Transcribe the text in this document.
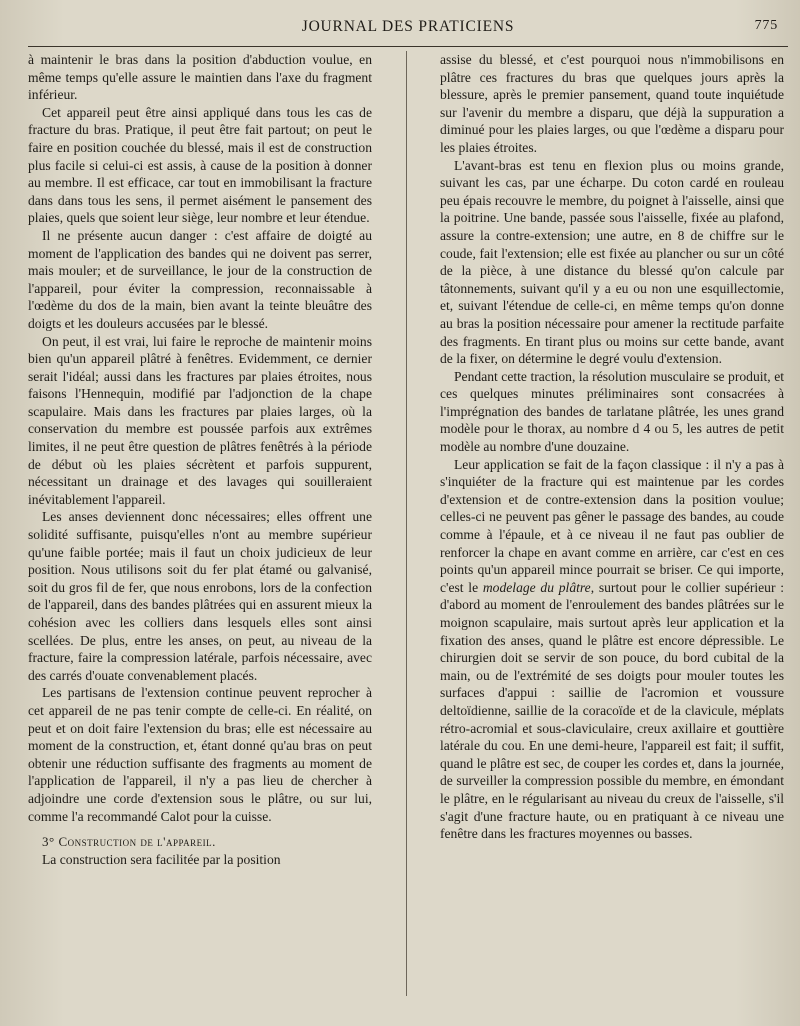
JOURNAL DES PRATICIENS	775

à maintenir le bras dans la position d'abduction voulue, en même temps qu'elle assure le maintien dans l'axe du fragment inférieur.

Cet appareil peut être ainsi appliqué dans tous les cas de fracture du bras. Pratique, il peut être fait partout; on peut le faire en position couchée du blessé, mais il est de construction plus facile si celui-ci est assis, à cause de la position à donner au membre. Il est efficace, car tout en immobilisant la fracture dans dans tous les sens, il permet aisément le pansement des plaies, quels que soient leur siège, leur nombre et leur étendue.

Il ne présente aucun danger : c'est affaire de doigté au moment de l'application des bandes qui ne doivent pas serrer, mais mouler; et de surveillance, le jour de la construction de l'appareil, pour éviter la compression, reconnaissable à l'œdème du dos de la main, bien avant la teinte bleuâtre des doigts et les douleurs accusées par le blessé.

On peut, il est vrai, lui faire le reproche de maintenir moins bien qu'un appareil plâtré à fenêtres. Evidemment, ce dernier serait l'idéal; aussi dans les fractures par plaies étroites, nous faisons l'Hennequin, modifié par l'adjonction de la chape scapulaire. Mais dans les fractures par plaies larges, où la conservation du membre est poussée parfois aux extrêmes limites, il ne peut être question de plâtres fenêtrés à la période de début où les plaies sécrètent et parfois suppurent, nécessitant un drainage et des lavages qui souilleraient inévitablement l'appareil.

Les anses deviennent donc nécessaires; elles offrent une solidité suffisante, puisqu'elles n'ont au membre supérieur qu'une faible portée; mais il faut un choix judicieux de leur position. Nous utilisons soit du fer plat étamé ou galvanisé, soit du gros fil de fer, que nous enrobons, lors de la confection de l'appareil, dans des bandes plâtrées qui en assurent mieux la cohésion avec les colliers dans lesquels elles sont ainsi scellées. De plus, entre les anses, on peut, au niveau de la fracture, faire la compression latérale, parfois nécessaire, avec des carrés d'ouate convenablement placés.

Les partisans de l'extension continue peuvent reprocher à cet appareil de ne pas tenir compte de celle-ci. En réalité, on peut et on doit faire l'extension du bras; elle est nécessaire au moment de la construction, et, étant donné qu'au bras on peut obtenir une réduction suffisante des fragments au moment de l'application de l'appareil, il n'y a pas lieu de chercher à adjoindre une corde d'extension sous le plâtre, ou sur lui, comme l'a recommandé Calot pour la cuisse.

3° Construction de l'appareil.

La construction sera facilitée par la position

assise du blessé, et c'est pourquoi nous n'immobilisons en plâtre ces fractures du bras que quelques jours après la blessure, après le premier pansement, quand toute inquiétude sur l'avenir du membre a disparu, que déjà la suppuration a diminué pour les plaies larges, ou que l'œdème a disparu pour les plaies étroites.

L'avant-bras est tenu en flexion plus ou moins grande, suivant les cas, par une écharpe. Du coton cardé en rouleau peu épais recouvre le membre, du poignet à l'aisselle, ainsi que la poitrine. Une bande, passée sous l'aisselle, fixée au plafond, assure la contre-extension; une autre, en 8 de chiffre sur le coude, fait l'extension; elle est fixée au plancher ou sur un côté de la pièce, à une distance du blessé qu'on calcule par tâtonnements, suivant qu'il y a eu ou non une esquillectomie, et, suivant l'étendue de celle-ci, en même temps qu'on donne au bras la position nécessaire pour amener la rectitude parfaite des fragments. En tirant plus ou moins sur cette bande, avant de la fixer, on détermine le degré voulu d'extension.

Pendant cette traction, la résolution musculaire se produit, et ces quelques minutes préliminaires sont consacrées à l'imprégnation des bandes de tarlatane plâtrée, les unes grand modèle pour le thorax, au nombre d 4 ou 5, les autres de petit modèle au nombre d'une douzaine.

Leur application se fait de la façon classique : il n'y a pas à s'inquiéter de la fracture qui est maintenue par les cordes d'extension et de contre-extension dans la position voulue; celles-ci ne peuvent pas gêner le passage des bandes, au coude comme à l'épaule, et à ce niveau il ne faut pas oublier de renforcer la chape en avant comme en arrière, car c'est en ces points qu'un appareil mince pourrait se briser. Ce qui importe, c'est le modelage du plâtre, surtout pour le collier supérieur : d'abord au moment de l'enroulement des bandes plâtrées sur le moignon scapulaire, mais surtout après leur application et la fixation des anses, quand le plâtre est encore dépressible. Le chirurgien doit se servir de son pouce, du bord cubital de la main, ou de l'extrémité de ses doigts pour mouler toutes les surfaces d'appui : saillie de l'acromion et voussure deltoïdienne, saillie de la coracoïde et de la clavicule, méplats rétro-acromial et sous-claviculaire, creux axillaire et gouttière latérale du cou. En une demi-heure, l'appareil est fait; il suffit, quand le plâtre est sec, de couper les cordes et, dans la journée, de surveiller la compression possible du membre, en émondant le plâtre, en le régularisant au niveau du creux de l'aisselle, s'il s'agit d'une fracture haute, ou en pratiquant à ce niveau une fenêtre dans les fractures moyennes ou basses.
